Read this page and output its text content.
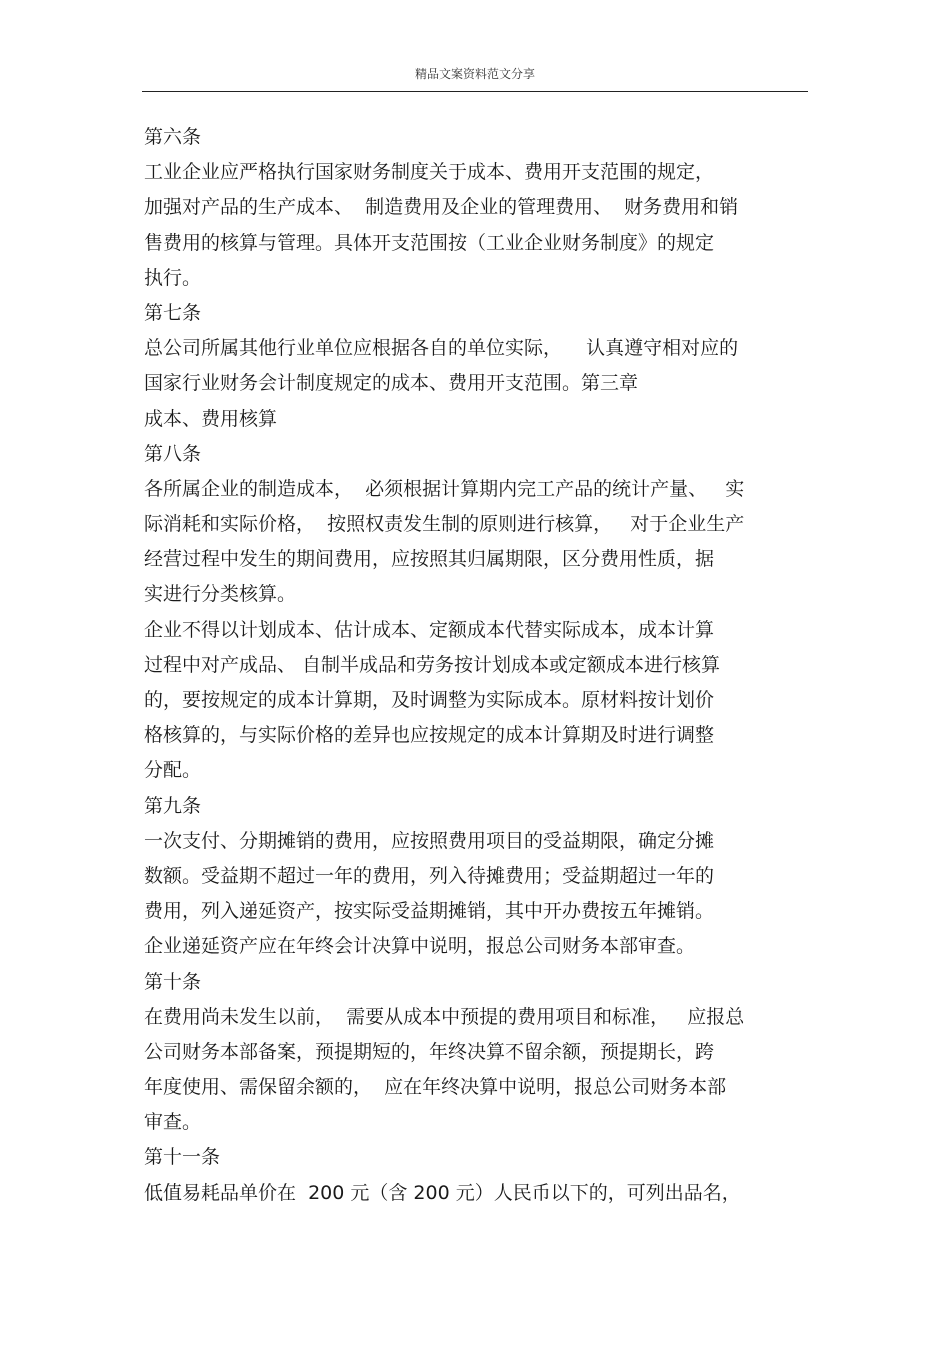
精品文案资料范文分享
第六条
工业企业应严格执行国家财务制度关于成本、费用开支范围的规定，
加强对产品的生产成本、  制造费用及企业的管理费用、  财务费用和销
售费用的核算与管理。具体开支范围按（工业企业财务制度》的规定
执行。
第七条
总公司所属其他行业单位应根据各自的单位实际，    认真遵守相对应的
国家行业财务会计制度规定的成本、费用开支范围。第三章
成本、费用核算
第八条
各所属企业的制造成本，  必须根据计算期内完工产品的统计产量、   实
际消耗和实际价格，  按照权责发生制的原则进行核算，   对于企业生产
经营过程中发生的期间费用，应按照其归属期限，区分费用性质，据
实进行分类核算。
企业不得以计划成本、估计成本、定额成本代替实际成本，成本计算
过程中对产成品、 自制半成品和劳务按计划成本或定额成本进行核算
的，要按规定的成本计算期，及时调整为实际成本。原材料按计划价
格核算的，与实际价格的差异也应按规定的成本计算期及时进行调整
分配。
第九条
一次支付、分期摊销的费用，应按照费用项目的受益期限，确定分摊
数额。受益期不超过一年的费用，列入待摊费用；受益期超过一年的
费用，列入递延资产，按实际受益期摊销，其中开办费按五年摊销。
企业递延资产应在年终会计决算中说明，报总公司财务本部审查。
第十条
在费用尚未发生以前，  需要从成本中预提的费用项目和标准，   应报总
公司财务本部备案，预提期短的，年终决算不留余额，预提期长，跨
年度使用、需保留余额的，  应在年终决算中说明，报总公司财务本部
审查。
第十一条
低值易耗品单价在  200 元（含 200 元）人民币以下的，可列出品名，
